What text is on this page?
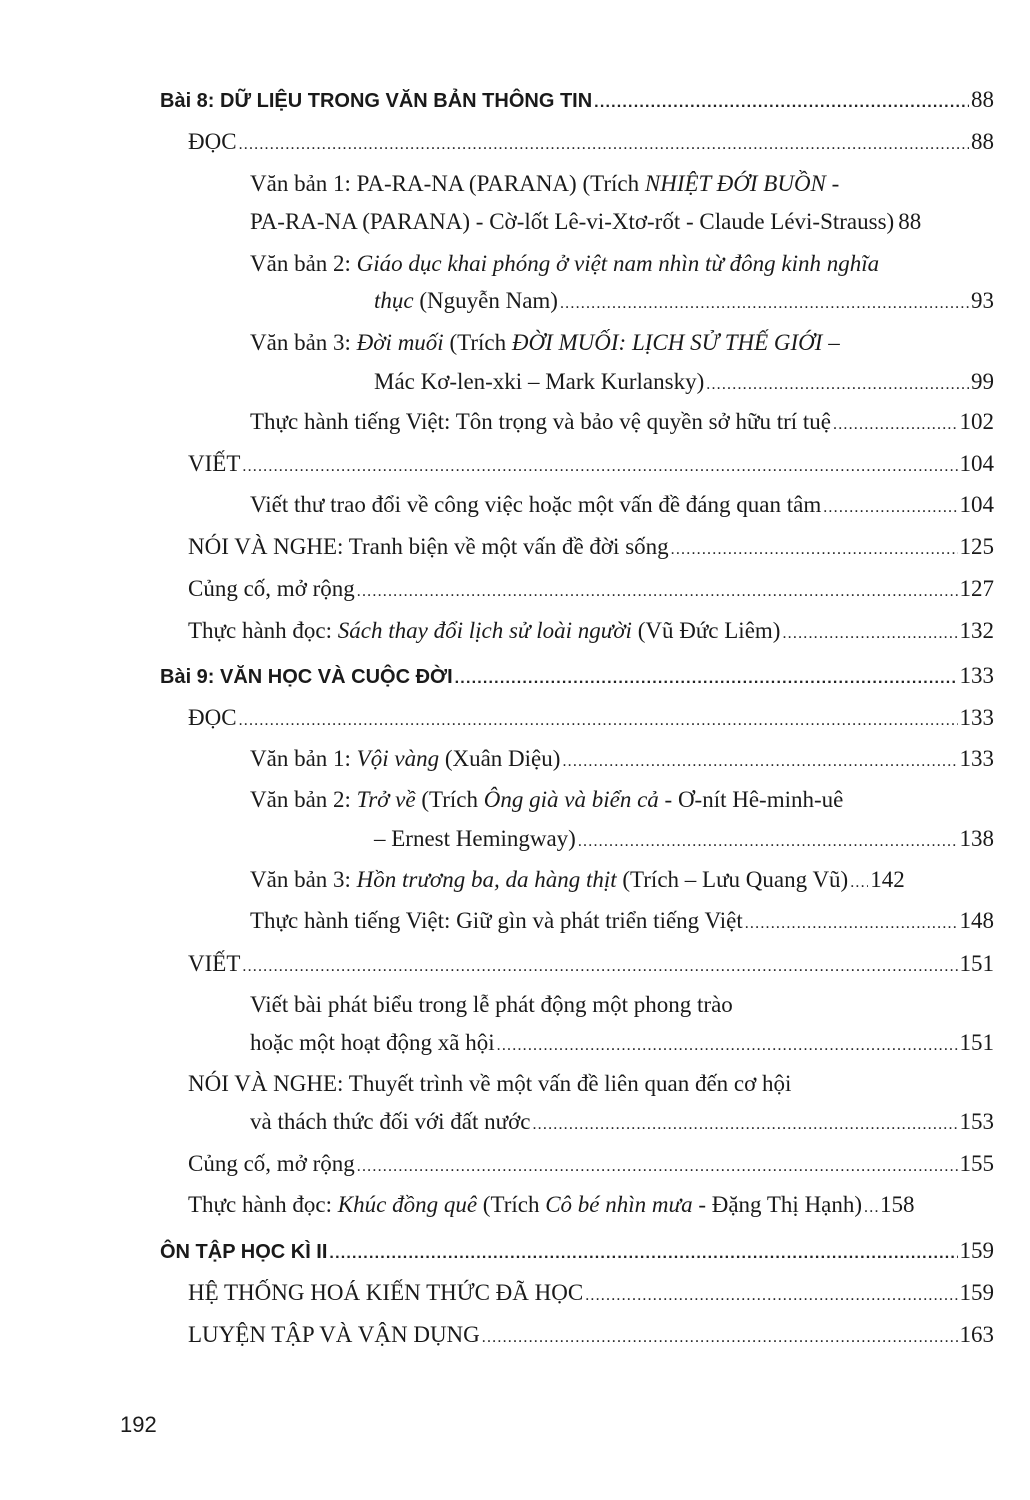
Bài 8: DỮ LIỆU TRONG VĂN BẢN THÔNG TIN .....	88
ĐỌC .....	88
Văn bản 1: PA-RA-NA (PARANA) (Trích NHIỆT ĐỚI BUỒN -
PA-RA-NA (PARANA) - Cờ-lốt Lê-vi-Xtơ-rốt - Claude Lévi-Strauss) 88
Văn bản 2: Giáo dục khai phóng ở việt nam nhìn từ đông kinh nghĩa
thục (Nguyễn Nam) .....	93
Văn bản 3: Đời muối (Trích ĐỜI MUỐI: LỊCH SỬ THẾ GIỚI –
Mác Kơ-len-xki – Mark Kurlansky) .....	99
Thực hành tiếng Việt: Tôn trọng và bảo vệ quyền sở hữu trí tuệ .....	102
VIẾT .....	104
Viết thư trao đổi về công việc hoặc một vấn đề đáng quan tâm .....	104
NÓI VÀ NGHE: Tranh biện về một vấn đề đời sống .....	125
Củng cố, mở rộng .....	127
Thực hành đọc: Sách thay đổi lịch sử loài người (Vũ Đức Liêm) .....	132
Bài 9: VĂN HỌC VÀ CUỘC ĐỜI .....	133
ĐỌC .....	133
Văn bản 1: Vội vàng (Xuân Diệu) .....	133
Văn bản 2: Trở về (Trích Ông già và biển cả - Ơ-nít Hê-minh-uê
– Ernest Hemingway) .....	138
Văn bản 3: Hồn trương ba, da hàng thịt (Trích – Lưu Quang Vũ) ..... 142
Thực hành tiếng Việt: Giữ gìn và phát triển tiếng Việt .....	148
VIẾT .....	151
Viết bài phát biểu trong lễ phát động một phong trào
hoặc một hoạt động xã hội .....	151
NÓI VÀ NGHE: Thuyết trình về một vấn đề liên quan đến cơ hội
và thách thức đối với đất nước .....	153
Củng cố, mở rộng .....	155
Thực hành đọc: Khúc đồng quê (Trích Cô bé nhìn mưa - Đặng Thị Hạnh) ..... 158
ÔN TẬP HỌC KÌ II .....	159
HỆ THỐNG HOÁ KIẾN THỨC ĐÃ HỌC .....	159
LUYỆN TẬP VÀ VẬN DỤNG .....	163
192
